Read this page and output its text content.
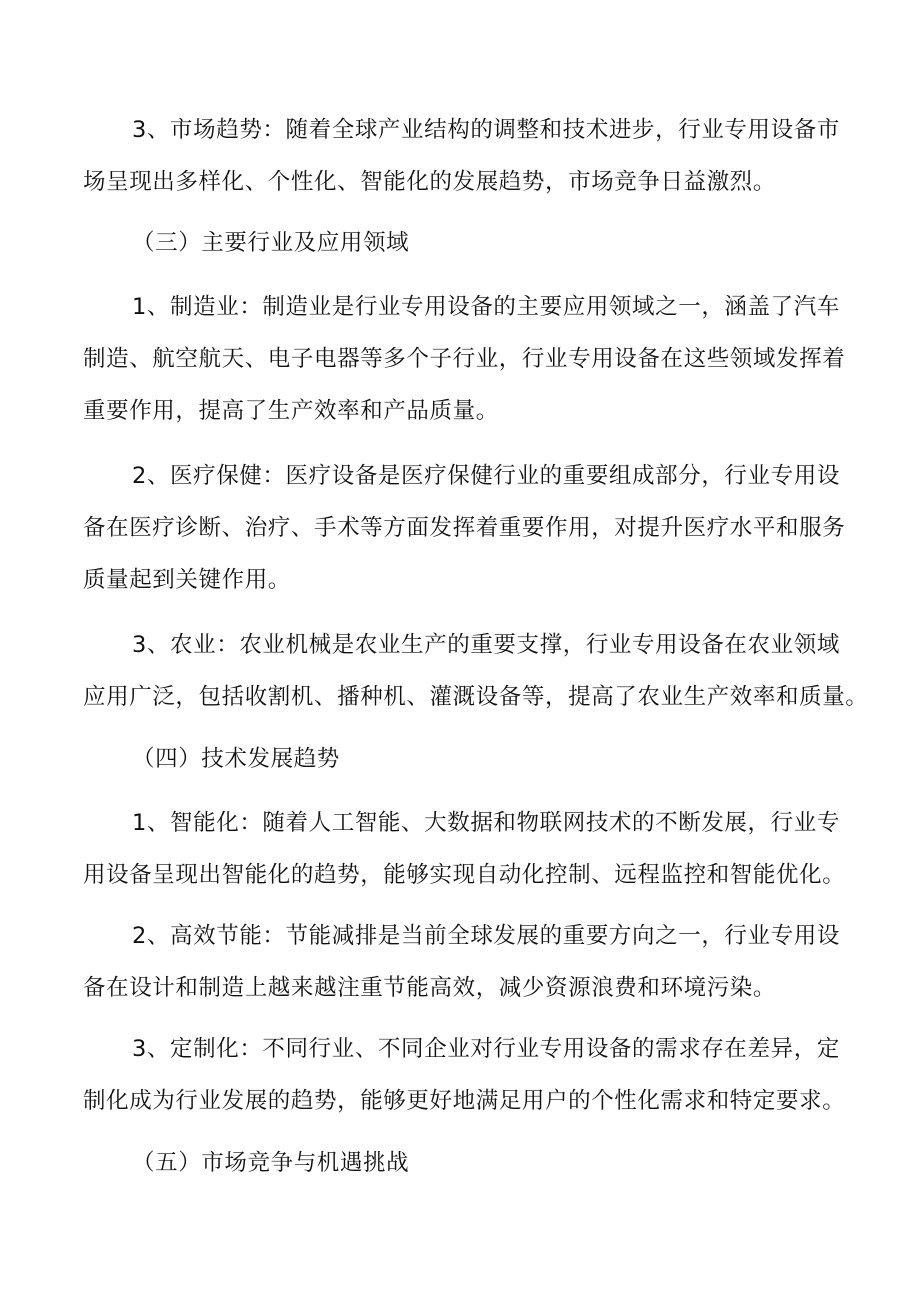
3、市场趋势：随着全球产业结构的调整和技术进步，行业专用设备市
场呈现出多样化、个性化、智能化的发展趋势，市场竞争日益激烈。
（三）主要行业及应用领域
1、制造业：制造业是行业专用设备的主要应用领域之一，涵盖了汽车
制造、航空航天、电子电器等多个子行业，行业专用设备在这些领域发挥着
重要作用，提高了生产效率和产品质量。
2、医疗保健：医疗设备是医疗保健行业的重要组成部分，行业专用设
备在医疗诊断、治疗、手术等方面发挥着重要作用，对提升医疗水平和服务
质量起到关键作用。
3、农业：农业机械是农业生产的重要支撑，行业专用设备在农业领域
应用广泛，包括收割机、播种机、灌溉设备等，提高了农业生产效率和质量。
（四）技术发展趋势
1、智能化：随着人工智能、大数据和物联网技术的不断发展，行业专
用设备呈现出智能化的趋势，能够实现自动化控制、远程监控和智能优化。
2、高效节能：节能减排是当前全球发展的重要方向之一，行业专用设
备在设计和制造上越来越注重节能高效，减少资源浪费和环境污染。
3、定制化：不同行业、不同企业对行业专用设备的需求存在差异，定
制化成为行业发展的趋势，能够更好地满足用户的个性化需求和特定要求。
（五）市场竞争与机遇挑战
